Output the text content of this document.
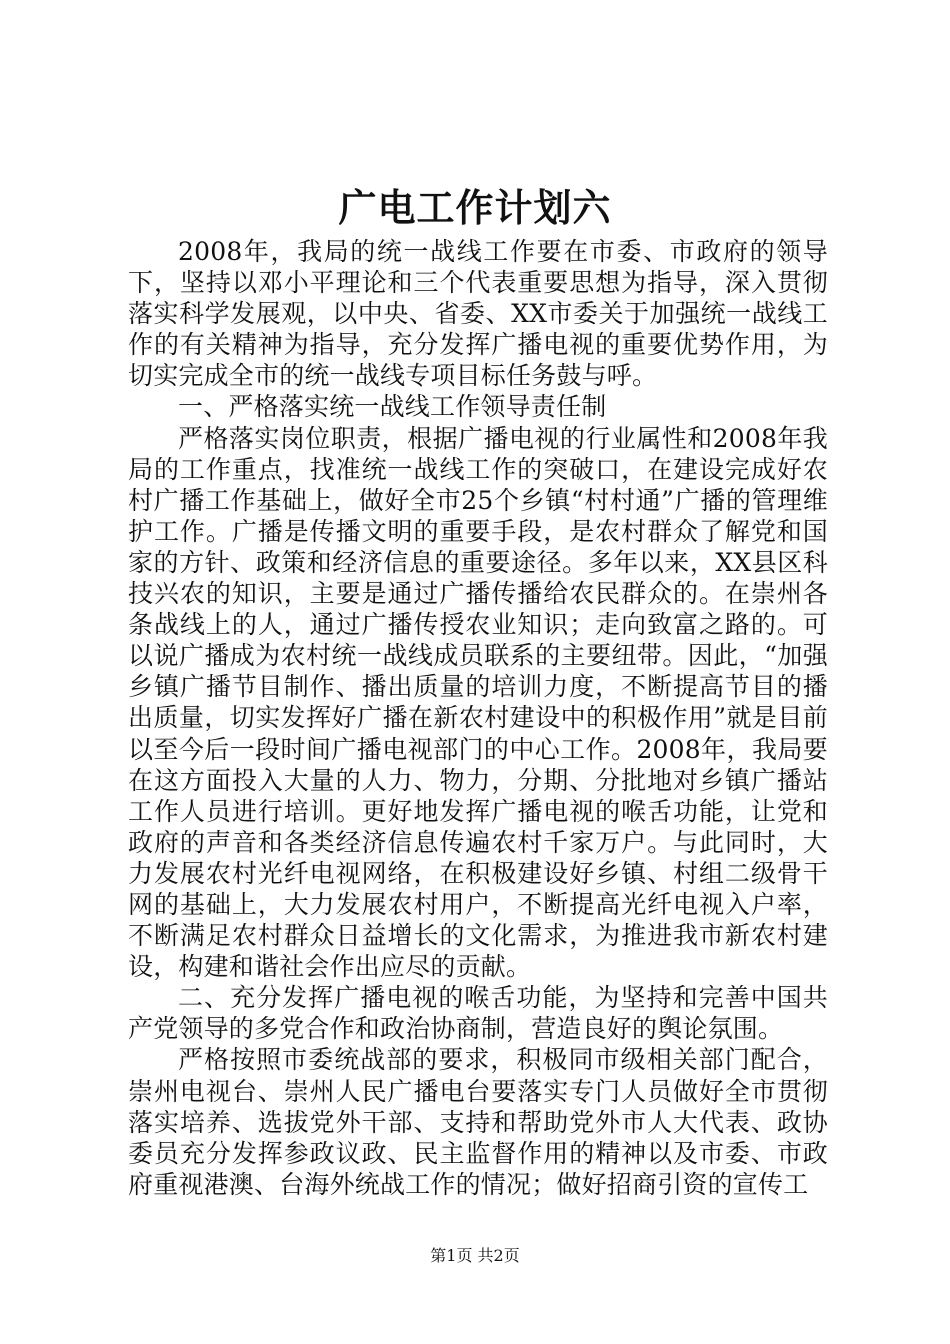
广电工作计划六

2008年，我局的统一战线工作要在市委、市政府的领导下，坚持以邓小平理论和三个代表重要思想为指导，深入贯彻落实科学发展观，以中央、省委、XX市委关于加强统一战线工作的有关精神为指导，充分发挥广播电视的重要优势作用，为切实完成全市的统一战线专项目标任务鼓与呼。

一、严格落实统一战线工作领导责任制

严格落实岗位职责，根据广播电视的行业属性和2008年我局的工作重点，找准统一战线工作的突破口，在建设完成好农村广播工作基础上，做好全市25个乡镇“村村通”广播的管理维护工作。广播是传播文明的重要手段，是农村群众了解党和国家的方针、政策和经济信息的重要途径。多年以来，XX县区科技兴农的知识，主要是通过广播传播给农民群众的。在崇州各条战线上的人，通过广播传授农业知识；走向致富之路的。可以说广播成为农村统一战线成员联系的主要纽带。因此，“加强乡镇广播节目制作、播出质量的培训力度，不断提高节目的播出质量，切实发挥好广播在新农村建设中的积极作用”就是目前以至今后一段时间广播电视部门的中心工作。2008年，我局要在这方面投入大量的人力、物力，分期、分批地对乡镇广播站工作人员进行培训。更好地发挥广播电视的喉舌功能，让党和政府的声音和各类经济信息传遍农村千家万户。与此同时，大力发展农村光纤电视网络，在积极建设好乡镇、村组二级骨干网的基础上，大力发展农村用户，不断提高光纤电视入户率，不断满足农村群众日益增长的文化需求，为推进我市新农村建设，构建和谐社会作出应尽的贡献。

二、充分发挥广播电视的喉舌功能，为坚持和完善中国共产党领导的多党合作和政治协商制，营造良好的舆论氛围。

严格按照市委统战部的要求，积极同市级相关部门配合，崇州电视台、崇州人民广播电台要落实专门人员做好全市贯彻落实培养、选拔党外干部、支持和帮助党外市人大代表、政协委员充分发挥参政议政、民主监督作用的精神以及市委、市政府重视港澳、台海外统战工作的情况；做好招商引资的宣传工

第1页 共2页
